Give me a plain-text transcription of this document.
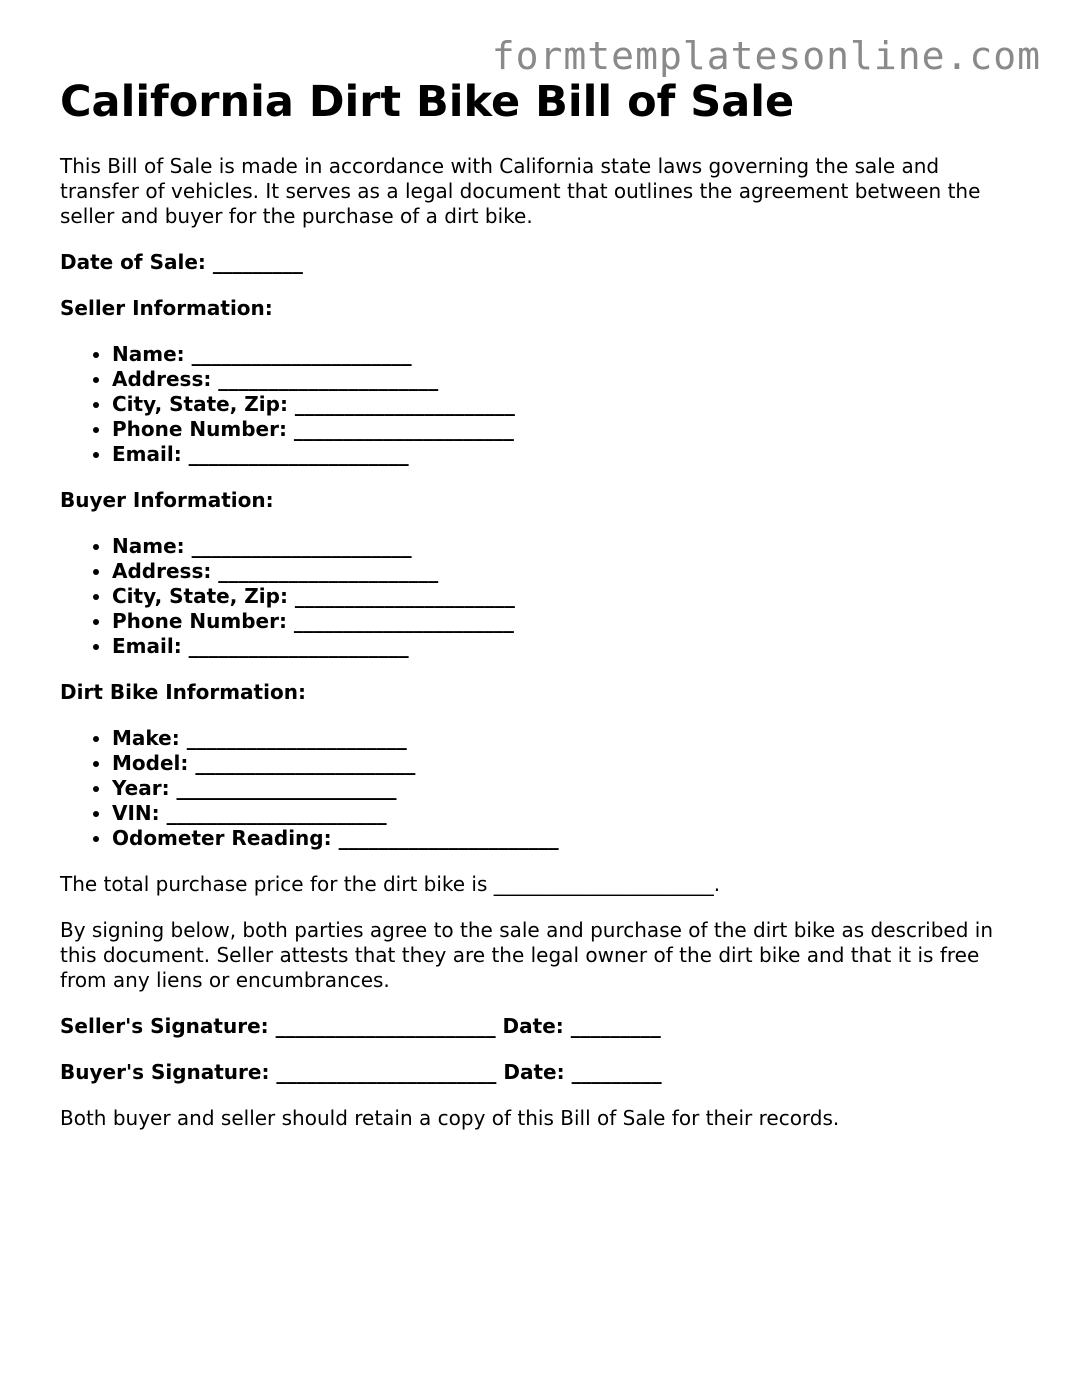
formtemplatesonline.com
California Dirt Bike Bill of Sale

This Bill of Sale is made in accordance with California state laws governing the sale and transfer of vehicles. It serves as a legal document that outlines the agreement between the seller and buyer for the purchase of a dirt bike.

Date of Sale: _________

Seller Information:

• Name: ______________________
• Address: ______________________
• City, State, Zip: ______________________
• Phone Number: ______________________
• Email: ______________________

Buyer Information:

• Name: ______________________
• Address: ______________________
• City, State, Zip: ______________________
• Phone Number: ______________________
• Email: ______________________

Dirt Bike Information:

• Make: ______________________
• Model: ______________________
• Year: ______________________
• VIN: ______________________
• Odometer Reading: ______________________

The total purchase price for the dirt bike is ______________________.

By signing below, both parties agree to the sale and purchase of the dirt bike as described in this document. Seller attests that they are the legal owner of the dirt bike and that it is free from any liens or encumbrances.

Seller's Signature: ______________________ Date: _________

Buyer's Signature: ______________________ Date: _________

Both buyer and seller should retain a copy of this Bill of Sale for their records.
